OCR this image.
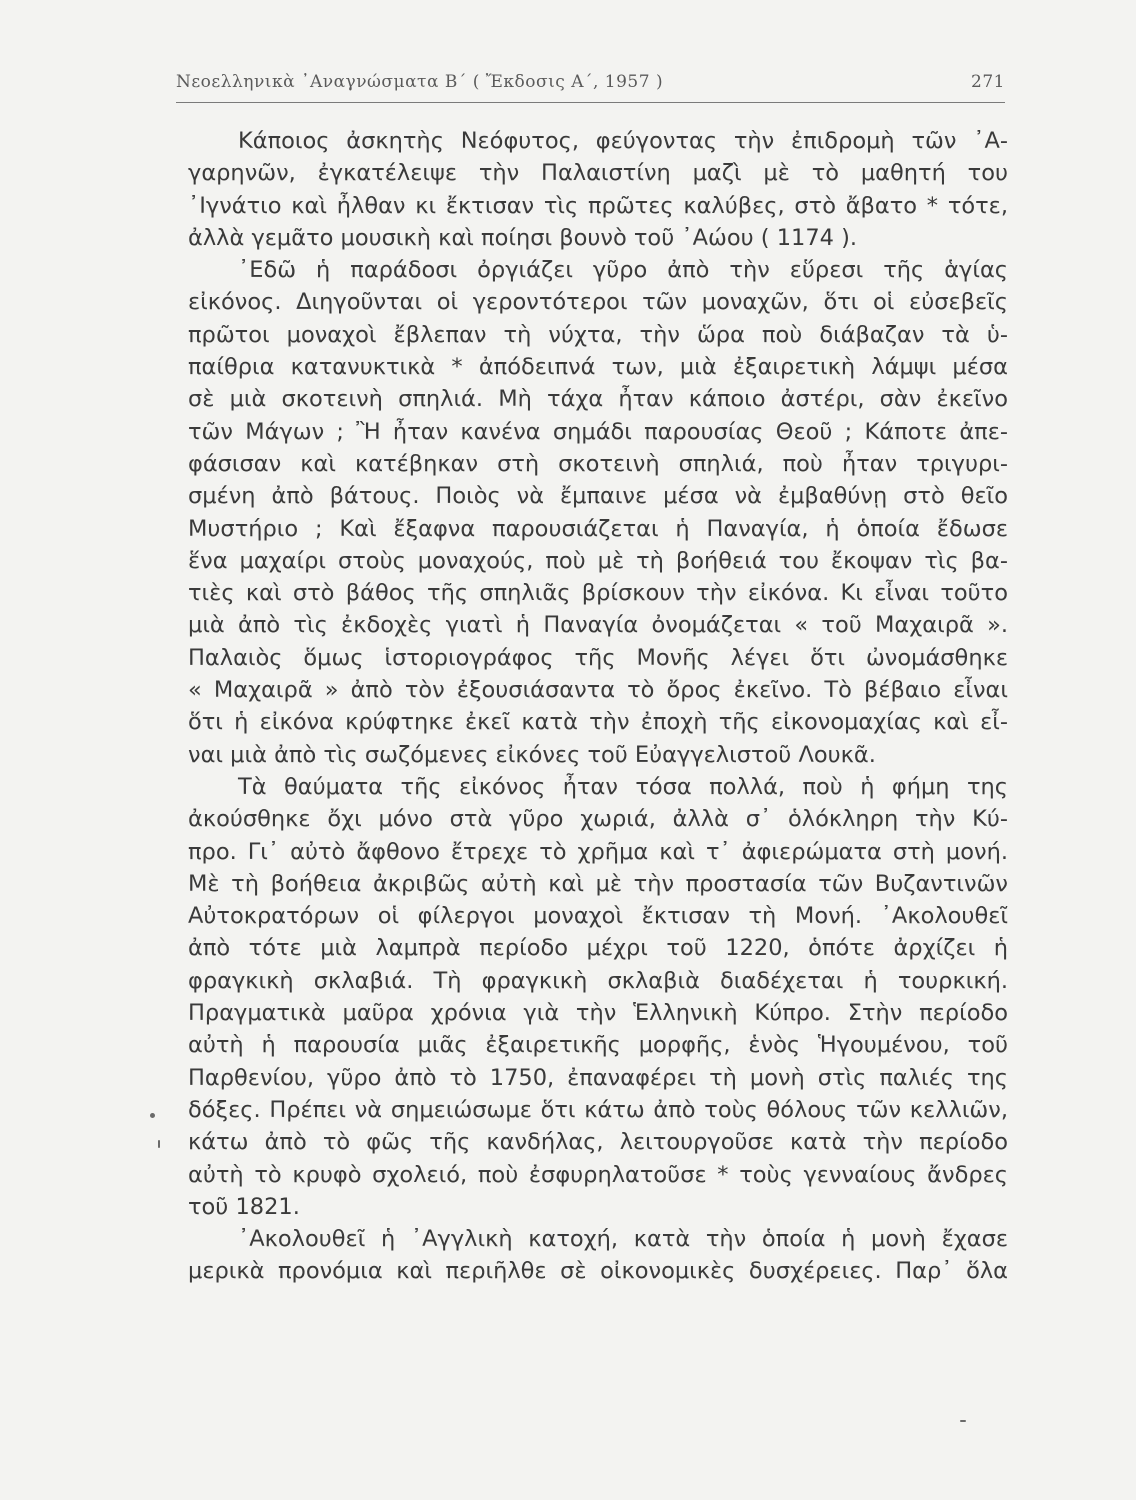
Νεοελληνικὰ ᾿Αναγνώσματα Β΄ ( Ἔκδοσις Α΄, 1957 )	271
Κάποιος ἀσκητὴς Νεόφυτος, φεύγοντας τὴν ἐπιδρομὴ τῶν ᾿Α-
γαρηνῶν, ἐγκατέλειψε τὴν Παλαιστίνη μαζὶ μὲ τὸ μαθητή του
᾿Ιγνάτιο καὶ ἦλθαν κι ἔκτισαν τὶς πρῶτες καλύβες, στὸ ἄβατο * τότε,
ἀλλὰ γεμᾶτο μουσικὴ καὶ ποίησι βουνὸ τοῦ ᾿Αώου ( 1174 ).
᾿Εδῶ ἡ παράδοσι ὀργιάζει γῦρο ἀπὸ τὴν εὕρεσι τῆς ἁγίας
εἰκόνος. Διηγοῦνται οἱ γεροντότεροι τῶν μοναχῶν, ὅτι οἱ εὐσεβεῖς
πρῶτοι μοναχοὶ ἔβλεπαν τὴ νύχτα, τὴν ὥρα ποὺ διάβαζαν τὰ ὑ-
παίθρια κατανυκτικὰ * ἀπόδειπνά των, μιὰ ἐξαιρετικὴ λάμψι μέσα
σὲ μιὰ σκοτεινὴ σπηλιά. Μὴ τάχα ἦταν κάποιο ἀστέρι, σὰν ἐκεῖνο
τῶν Μάγων ; Ἢ ἦταν κανένα σημάδι παρουσίας Θεοῦ ; Κάποτε ἀπε-
φάσισαν καὶ κατέβηκαν στὴ σκοτεινὴ σπηλιά, ποὺ ἦταν τριγυρι-
σμένη ἀπὸ βάτους. Ποιὸς νὰ ἔμπαινε μέσα νὰ ἐμβαθύνῃ στὸ θεῖο
Μυστήριο ; Καὶ ἔξαφνα παρουσιάζεται ἡ Παναγία, ἡ ὁποία ἔδωσε
ἕνα μαχαίρι στοὺς μοναχούς, ποὺ μὲ τὴ βοήθειά του ἔκοψαν τὶς βα-
τιὲς καὶ στὸ βάθος τῆς σπηλιᾶς βρίσκουν τὴν εἰκόνα. Κι εἶναι τοῦτο
μιὰ ἀπὸ τὶς ἐκδοχὲς γιατὶ ἡ Παναγία ὀνομάζεται « τοῦ Μαχαιρᾶ ».
Παλαιὸς ὅμως ἱστοριογράφος τῆς Μονῆς λέγει ὅτι ὠνομάσθηκε
« Μαχαιρᾶ » ἀπὸ τὸν ἐξουσιάσαντα τὸ ὄρος ἐκεῖνο. Τὸ βέβαιο εἶναι
ὅτι ἡ εἰκόνα κρύφτηκε ἐκεῖ κατὰ τὴν ἐποχὴ τῆς εἰκονομαχίας καὶ εἶ-
ναι μιὰ ἀπὸ τὶς σωζόμενες εἰκόνες τοῦ Εὐαγγελιστοῦ Λουκᾶ.
Τὰ θαύματα τῆς εἰκόνος ἦταν τόσα πολλά, ποὺ ἡ φήμη της
ἀκούσθηκε ὄχι μόνο στὰ γῦρο χωριά, ἀλλὰ σ᾿ ὁλόκληρη τὴν Κύ-
προ. Γι᾿ αὐτὸ ἄφθονο ἔτρεχε τὸ χρῆμα καὶ τ᾿ ἀφιερώματα στὴ μονή.
Μὲ τὴ βοήθεια ἀκριβῶς αὐτὴ καὶ μὲ τὴν προστασία τῶν Βυζαντινῶν
Αὐτοκρατόρων οἱ φίλεργοι μοναχοὶ ἔκτισαν τὴ Μονή. ᾿Ακολουθεῖ
ἀπὸ τότε μιὰ λαμπρὰ περίοδο μέχρι τοῦ 1220, ὁπότε ἀρχίζει ἡ
φραγκικὴ σκλαβιά. Τὴ φραγκικὴ σκλαβιὰ διαδέχεται ἡ τουρκική.
Πραγματικὰ μαῦρα χρόνια γιὰ τὴν Ἑλληνικὴ Κύπρο. Στὴν περίοδο
αὐτὴ ἡ παρουσία μιᾶς ἐξαιρετικῆς μορφῆς, ἑνὸς Ἡγουμένου, τοῦ
Παρθενίου, γῦρο ἀπὸ τὸ 1750, ἐπαναφέρει τὴ μονὴ στὶς παλιές της
δόξες. Πρέπει νὰ σημειώσωμε ὅτι κάτω ἀπὸ τοὺς θόλους τῶν κελλιῶν,
κάτω ἀπὸ τὸ φῶς τῆς κανδήλας, λειτουργοῦσε κατὰ τὴν περίοδο
αὐτὴ τὸ κρυφὸ σχολειό, ποὺ ἐσφυρηλατοῦσε * τοὺς γενναίους ἄνδρες
τοῦ 1821.
᾿Ακολουθεῖ ἡ ᾿Αγγλικὴ κατοχή, κατὰ τὴν ὁποία ἡ μονὴ ἔχασε
μερικὰ προνόμια καὶ περιῆλθε σὲ οἰκονομικὲς δυσχέρειες. Παρ᾿ ὅλα
